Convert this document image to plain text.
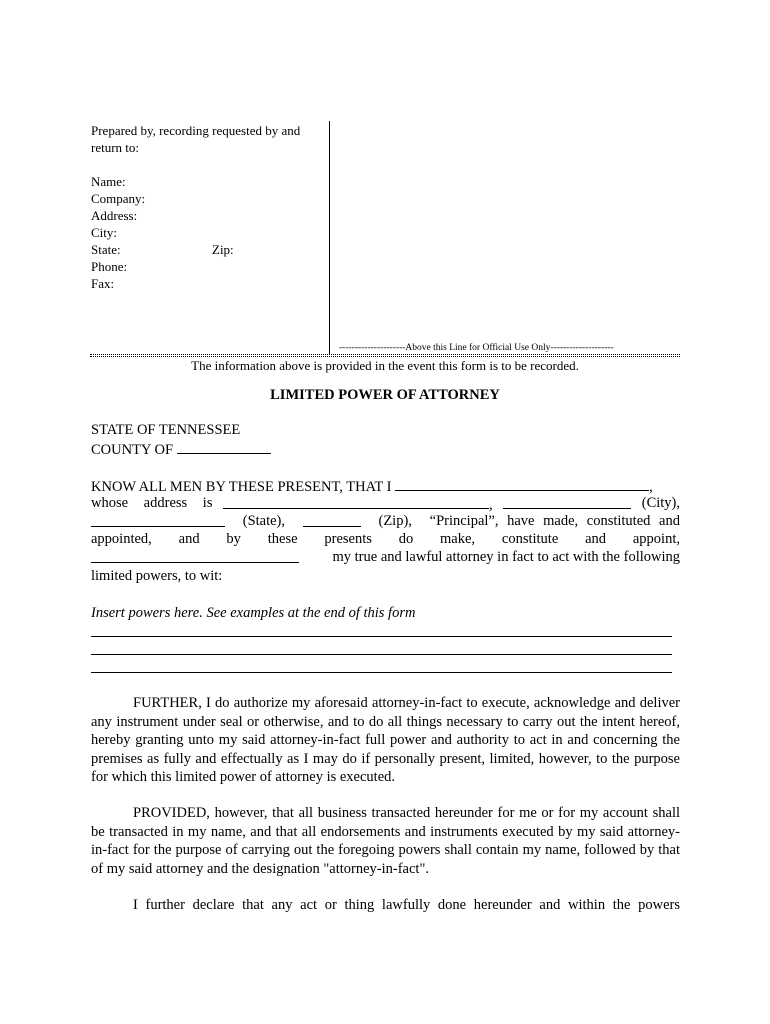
Prepared by, recording requested by and
return to:
Name:
Company:
Address:
City:
State:	Zip:
Phone:
Fax:
---------------------Above this Line for Official Use Only--------------------
The information above is provided in the event this form is to be recorded.
LIMITED POWER OF ATTORNEY
STATE OF TENNESSEE
COUNTY OF
KNOW ALL MEN BY THESE PRESENT, THAT I	,
whose address is	,	(City),
(State),	(Zip), “Principal”, have made, constituted and
appointed, and by these presents do make, constitute and appoint,
my true and lawful attorney in fact to act with the following
limited powers, to wit:
Insert powers here. See examples at the end of this form
FURTHER, I do authorize my aforesaid attorney-in-fact to execute, acknowledge and deliver any instrument under seal or otherwise, and to do all things necessary to carry out the intent hereof, hereby granting unto my said attorney-in-fact full power and authority to act in and concerning the premises as fully and effectually as I may do if personally present, limited, however, to the purpose for which this limited power of attorney is executed.
PROVIDED, however, that all business transacted hereunder for me or for my account shall be transacted in my name, and that all endorsements and instruments executed by my said attorney-in-fact for the purpose of carrying out the foregoing powers shall contain my name, followed by that of my said attorney and the designation "attorney-in-fact".
I further declare that any act or thing lawfully done hereunder and within the powers
